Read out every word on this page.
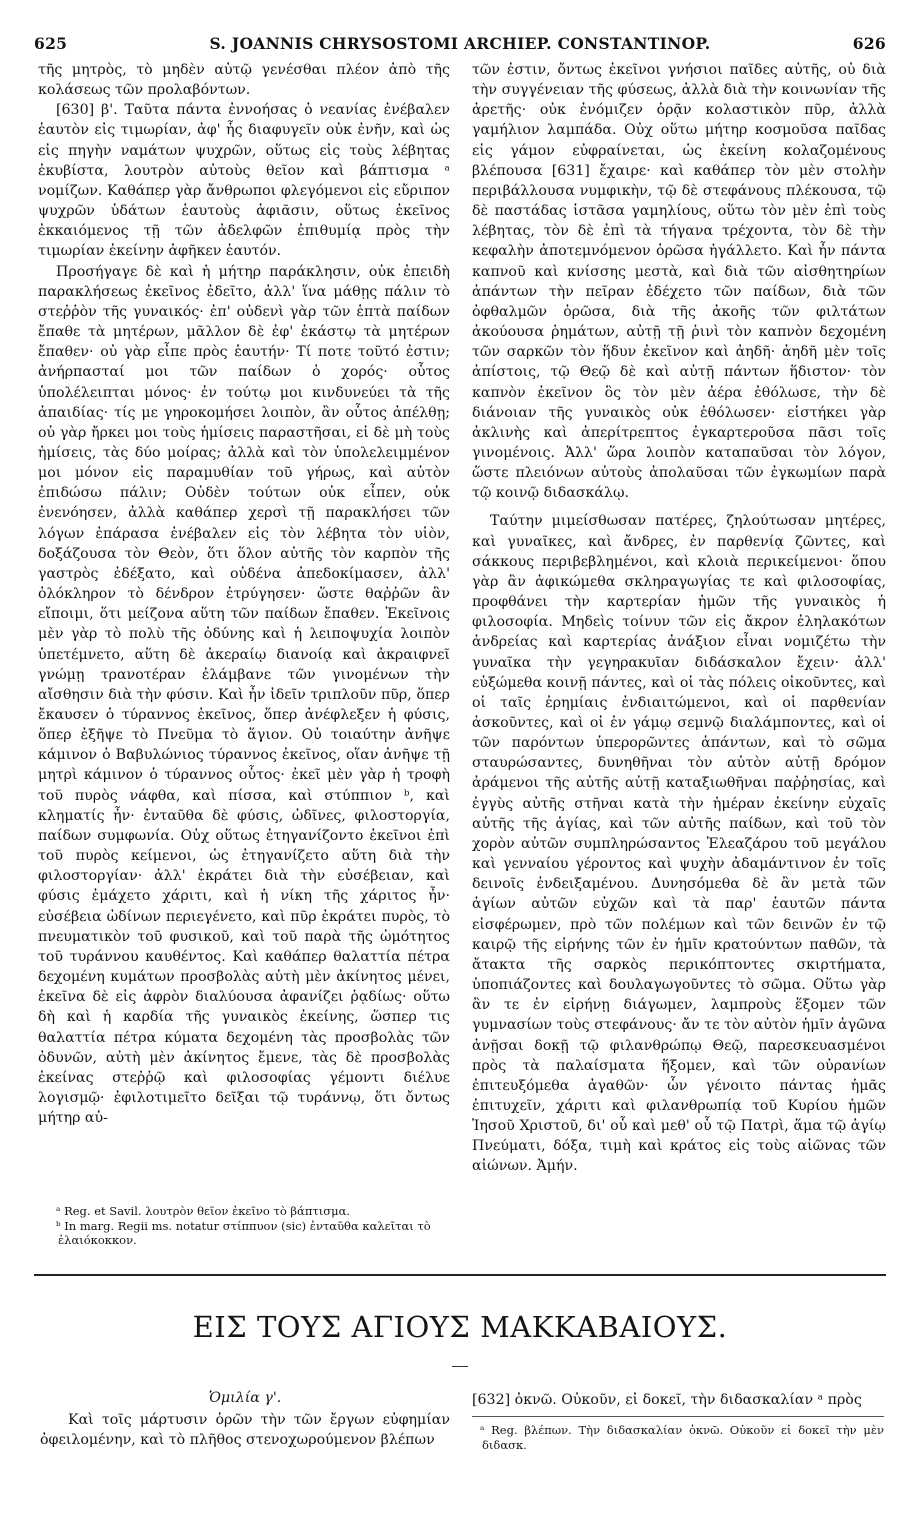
625	S. JOANNIS CHRYSOSTOMI ARCHIEP. CONSTANTINOP.	626

τῆς μητρὸς, τὸ μηδὲν αὐτῷ γενέσθαι πλέον ἀπὸ τῆς κολάσεως τῶν προλαβόντων.

[630] β'. Ταῦτα πάντα ἐννοήσας ὁ νεανίας ἐνέβαλεν ἑαυτὸν εἰς τιμωρίαν, ἀφ' ἧς διαφυγεῖν οὐκ ἐνῆν, καὶ ὡς εἰς πηγὴν ναμάτων ψυχρῶν, οὕτως εἰς τοὺς λέβητας ἐκυβίστα, λουτρὸν αὐτοὺς θεῖον καὶ βάπτισμα ᵃ νομίζων. Καθάπερ γὰρ ἄνθρωποι φλεγόμενοι εἰς εὔριπον ψυχρῶν ὑδάτων ἑαυτοὺς ἀφιᾶσιν, οὕτως ἐκεῖνος ἐκκαιόμενος τῇ τῶν ἀδελφῶν ἐπιθυμίᾳ πρὸς τὴν τιμωρίαν ἐκείνην ἀφῆκεν ἑαυτόν.

Προσήγαγε δὲ καὶ ἡ μήτηρ παράκλησιν, οὐκ ἐπειδὴ παρακλήσεως ἐκεῖνος ἐδεῖτο, ἀλλ' ἵνα μάθῃς πάλιν τὸ στεῤῥὸν τῆς γυναικός· ἐπ' οὐδενὶ γὰρ τῶν ἑπτὰ παίδων ἔπαθε τὰ μητέρων, μᾶλλον δὲ ἐφ' ἑκάστῳ τὰ μητέρων ἔπαθεν· οὐ γὰρ εἶπε πρὸς ἑαυτήν· Τί ποτε τοῦτό ἐστιν; ἀνήρπασταί μοι τῶν παίδων ὁ χορός· οὗτος ὑπολέλειπται μόνος· ἐν τούτῳ μοι κινδυνεύει τὰ τῆς ἀπαιδίας· τίς με γηροκομήσει λοιπὸν, ἂν οὗτος ἀπέλθῃ; οὐ γὰρ ἤρκει μοι τοὺς ἡμίσεις παραστῆσαι, εἰ δὲ μὴ τοὺς ἡμίσεις, τὰς δύο μοίρας; ἀλλὰ καὶ τὸν ὑπολελειμμένον μοι μόνον εἰς παραμυθίαν τοῦ γήρως, καὶ αὐτὸν ἐπιδώσω πάλιν; Οὐδὲν τούτων οὐκ εἶπεν, οὐκ ἐνενόησεν, ἀλλὰ καθάπερ χερσὶ τῇ παρακλήσει τῶν λόγων ἐπάρασα ἐνέβαλεν εἰς τὸν λέβητα τὸν υἱὸν, δοξάζουσα τὸν Θεὸν, ὅτι ὅλον αὐτῆς τὸν καρπὸν τῆς γαστρὸς ἐδέξατο, καὶ οὐδένα ἀπεδοκίμασεν, ἀλλ' ὁλόκληρον τὸ δένδρον ἐτρύγησεν· ὥστε θαῤῥῶν ἂν εἴποιμι, ὅτι μείζονα αὕτη τῶν παίδων ἔπαθεν. Ἐκεῖνοις μὲν γὰρ τὸ πολὺ τῆς ὀδύνης καὶ ἡ λειποψυχία λοιπὸν ὑπετέμνετο, αὕτη δὲ ἀκεραίῳ διανοίᾳ καὶ ἀκραιφνεῖ γνώμῃ τρανοτέραν ἐλάμβανε τῶν γινομένων τὴν αἴσθησιν διὰ τὴν φύσιν. Καὶ ἦν ἰδεῖν τριπλοῦν πῦρ, ὅπερ ἔκαυσεν ὁ τύραννος ἐκεῖνος, ὅπερ ἀνέφλεξεν ἡ φύσις, ὅπερ ἐξῆψε τὸ Πνεῦμα τὸ ἅγιον. Οὐ τοιαύτην ἀνῆψε κάμινον ὁ Βαβυλώνιος τύραννος ἐκεῖνος, οἵαν ἀνῆψε τῇ μητρὶ κάμινον ὁ τύραννος οὗτος· ἐκεῖ μὲν γὰρ ἡ τροφὴ τοῦ πυρὸς νάφθα, καὶ πίσσα, καὶ στύππιον ᵇ, καὶ κληματίς ἦν· ἐνταῦθα δὲ φύσις, ὠδῖνες, φιλοστοργία, παίδων συμφωνία. Οὐχ οὕτως ἐτηγανίζοντο ἐκεῖνοι ἐπὶ τοῦ πυρὸς κείμενοι, ὡς ἐτηγανίζετο αὕτη διὰ τὴν φιλοστοργίαν· ἀλλ' ἐκράτει διὰ τὴν εὐσέβειαν, καὶ φύσις ἐμάχετο χάριτι, καὶ ἡ νίκη τῆς χάριτος ἦν· εὐσέβεια ὠδίνων περιεγένετο, καὶ πῦρ ἐκράτει πυρὸς, τὸ πνευματικὸν τοῦ φυσικοῦ, καὶ τοῦ παρὰ τῆς ὠμότητος τοῦ τυράννου καυθέντος. Καὶ καθάπερ θαλαττία πέτρα δεχομένη κυμάτων προσβολὰς αὐτὴ μὲν ἀκίνητος μένει, ἐκεῖνα δὲ εἰς ἀφρὸν διαλύουσα ἀφανίζει ῥᾳδίως· οὕτω δὴ καὶ ἡ καρδία τῆς γυναικὸς ἐκείνης, ὥσπερ τις θαλαττία πέτρα κύματα δεχομένη τὰς προσβολὰς τῶν ὀδυνῶν, αὐτὴ μὲν ἀκίνητος ἔμενε, τὰς δὲ προσβολὰς ἐκείνας στεῤῥῷ καὶ φιλοσοφίας γέμοντι διέλυε λογισμῷ· ἐφιλοτιμεῖτο δεῖξαι τῷ τυράννῳ, ὅτι ὄντως μήτηρ αὐ-

ᵃ Reg. et Savil. λουτρὸν θεῖον ἐκεῖνο τὸ βάπτισμα.

ᵇ In marg. Regii ms. notatur στίππυον (sic) ἐνταῦθα καλεῖται τὸ ἐλαιόκοκκον.

τῶν ἐστιν, ὄντως ἐκεῖνοι γνήσιοι παῖδες αὐτῆς, οὐ διὰ τὴν συγγένειαν τῆς φύσεως, ἀλλὰ διὰ τὴν κοινωνίαν τῆς ἀρετῆς· οὐκ ἐνόμιζεν ὁρᾷν κολαστικὸν πῦρ, ἀλλὰ γαμήλιον λαμπάδα. Οὐχ οὕτω μήτηρ κοσμοῦσα παῖδας εἰς γάμον εὐφραίνεται, ὡς ἐκείνη κολαζομένους βλέπουσα [631] ἔχαιρε· καὶ καθάπερ τὸν μὲν στολὴν περιβάλλουσα νυμφικὴν, τῷ δὲ στεφάνους πλέκουσα, τῷ δὲ παστάδας ἱστᾶσα γαμηλίους, οὕτω τὸν μὲν ἐπὶ τοὺς λέβητας, τὸν δὲ ἐπὶ τὰ τήγανα τρέχοντα, τὸν δὲ τὴν κεφαλὴν ἀποτεμνόμενον ὁρῶσα ἠγάλλετο. Καὶ ἦν πάντα καπνοῦ καὶ κνίσσης μεστὰ, καὶ διὰ τῶν αἰσθητηρίων ἁπάντων τὴν πεῖραν ἐδέχετο τῶν παίδων, διὰ τῶν ὀφθαλμῶν ὁρῶσα, διὰ τῆς ἀκοῆς τῶν φιλτάτων ἀκούουσα ῥημάτων, αὐτῇ τῇ ῥινὶ τὸν καπνὸν δεχομένη τῶν σαρκῶν τὸν ἥδυν ἐκεῖνον καὶ ἀηδῆ· ἀηδῆ μὲν τοῖς ἀπίστοις, τῷ Θεῷ δὲ καὶ αὐτῇ πάντων ἥδιστον· τὸν καπνὸν ἐκεῖνον ὃς τὸν μὲν ἀέρα ἐθόλωσε, τὴν δὲ διάνοιαν τῆς γυναικὸς οὐκ ἐθόλωσεν· εἱστήκει γὰρ ἀκλινὴς καὶ ἀπερίτρεπτος ἐγκαρτεροῦσα πᾶσι τοῖς γινομένοις. Ἀλλ' ὥρα λοιπὸν καταπαῦσαι τὸν λόγον, ὥστε πλειόνων αὐτοὺς ἀπολαῦσαι τῶν ἐγκωμίων παρὰ τῷ κοινῷ διδασκάλῳ.

Ταύτην μιμείσθωσαν πατέρες, ζηλούτωσαν μητέρες, καὶ γυναῖκες, καὶ ἄνδρες, ἐν παρθενίᾳ ζῶντες, καὶ σάκκους περιβεβλημένοι, καὶ κλοιὰ περικείμενοι· ὅπου γὰρ ἂν ἀφικώμεθα σκληραγωγίας τε καὶ φιλοσοφίας, προφθάνει τὴν καρτερίαν ἡμῶν τῆς γυναικὸς ἡ φιλοσοφία. Μηδεὶς τοίνυν τῶν εἰς ἄκρον ἐληλακότων ἀνδρείας καὶ καρτερίας ἀνάξιον εἶναι νομιζέτω τὴν γυναῖκα τὴν γεγηρακυῖαν διδάσκαλον ἔχειν· ἀλλ' εὐξώμεθα κοινῇ πάντες, καὶ οἱ τὰς πόλεις οἰκοῦντες, καὶ οἱ ταῖς ἐρημίαις ἐνδιαιτώμενοι, καὶ οἱ παρθενίαν ἀσκοῦντες, καὶ οἱ ἐν γάμῳ σεμνῷ διαλάμποντες, καὶ οἱ τῶν παρόντων ὑπερορῶντες ἁπάντων, καὶ τὸ σῶμα σταυρώσαντες, δυνηθῆναι τὸν αὐτὸν αὐτῇ δρόμον ἀράμενοι τῆς αὐτῆς αὐτῇ καταξιωθῆναι παῤῥησίας, καὶ ἐγγὺς αὐτῆς στῆναι κατὰ τὴν ἡμέραν ἐκείνην εὐχαῖς αὐτῆς τῆς ἁγίας, καὶ τῶν αὐτῆς παίδων, καὶ τοῦ τὸν χορὸν αὐτῶν συμπληρώσαντος Ἐλεαζάρου τοῦ μεγάλου καὶ γενναίου γέροντος καὶ ψυχὴν ἀδαμάντινον ἐν τοῖς δεινοῖς ἐνδειξαμένου. Δυνησόμεθα δὲ ἂν μετὰ τῶν ἁγίων αὐτῶν εὐχῶν καὶ τὰ παρ' ἑαυτῶν πάντα εἰσφέρωμεν, πρὸ τῶν πολέμων καὶ τῶν δεινῶν ἐν τῷ καιρῷ τῆς εἰρήνης τῶν ἐν ἡμῖν κρατούντων παθῶν, τὰ ἄτακτα τῆς σαρκὸς περικόπτοντες σκιρτήματα, ὑποπιάζοντες καὶ δουλαγωγοῦντες τὸ σῶμα. Οὕτω γὰρ ἂν τε ἐν εἰρήνῃ διάγωμεν, λαμπροὺς ἕξομεν τῶν γυμνασίων τοὺς στεφάνους· ἄν τε τὸν αὐτὸν ἡμῖν ἀγῶνα ἀνῇσαι δοκῇ τῷ φιλανθρώπῳ Θεῷ, παρεσκευασμένοι πρὸς τὰ παλαίσματα ἥξομεν, καὶ τῶν οὐρανίων ἐπιτευξόμεθα ἀγαθῶν· ὧν γένοιτο πάντας ἡμᾶς ἐπιτυχεῖν, χάριτι καὶ φιλανθρωπίᾳ τοῦ Κυρίου ἡμῶν Ἰησοῦ Χριστοῦ, δι' οὗ καὶ μεθ' οὗ τῷ Πατρὶ, ἅμα τῷ ἁγίῳ Πνεύματι, δόξα, τιμὴ καὶ κράτος εἰς τοὺς αἰῶνας τῶν αἰώνων. Ἀμήν.

ΕΙΣ ΤΟΥΣ ΑΓΙΟΥΣ ΜΑΚΚΑΒΑΙΟΥΣ.

Ὁμιλία γ'.

Καὶ τοῖς μάρτυσιν ὁρῶν τὴν τῶν ἔργων εὐφημίαν ὀφειλομένην, καὶ τὸ πλῆθος στενοχωρούμενον βλέπων

[632] ὀκνῶ. Οὐκοῦν, εἰ δοκεῖ, τὴν διδασκαλίαν ᵃ πρὸς

ᵃ Reg. βλέπων. Τὴν διδασκαλίαν ὀκνῶ. Οὐκοῦν εἰ δοκεῖ τὴν μὲν διδασκ.
